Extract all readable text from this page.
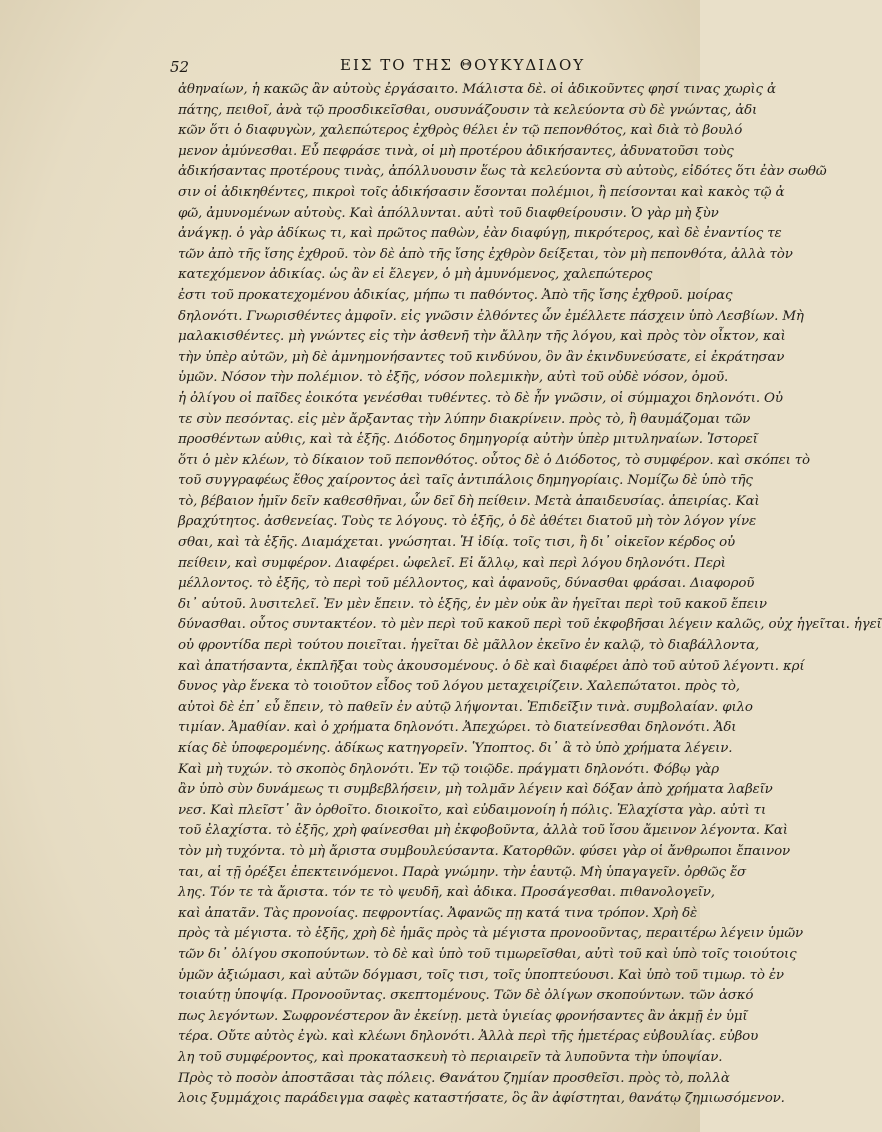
52	ΕΙΣ ΤΟ ΤΗΣ ΘΟΥΚΥΔΙΔΟΥ
ἀθηναίων, ἡ κακῶς ἂν αὐτοὺς ἐργάσαιτο. Μάλιστα δὲ. οἱ ἀδικοῦντες φησί τινας χωρὶς ἀ
πάτης, πειθοῖ, ἀνὰ τῷ προσδικεῖσθαι, ουσυνάζουσιν τὰ κελεύοντα σὺ δὲ γνώντας, ἀδι
κῶν ὅτι ὁ διαφυγὼν, χαλεπώτερος ἐχθρὸς θέλει ἐν τῷ πεπονθότος, καὶ διὰ τὸ βουλό
μενον ἀμύνεσθαι. Εὖ πεφράσε τινὰ, οἱ μὴ προτέρου ἀδικήσαντες, ἀδυνατοῦσι τοὺς
ἀδικήσαντας προτέρους τινὰς, ἀπόλλυουσιν ἕως τὰ κελεύοντα σὺ αὐτοὺς, εἰδότες ὅτι ἐὰν σωθῶ
σιν οἱ ἀδικηθέντες, πικροὶ τοῖς ἀδικήσασιν ἔσονται πολέμιοι, ἢ πείσονται καὶ κακὸς τῷ ἀ
φῶ, ἀμυνομένων αὐτοὺς. Καὶ ἀπόλλυνται. αὐτὶ τοῦ διαφθείρουσιν. Ὁ γὰρ μὴ ξὺν
ἀνάγκῃ. ὁ γὰρ ἀδίκως τι, καὶ πρῶτος παθὼν, ἐὰν διαφύγῃ, πικρότερος, καὶ δὲ ἐναντίος τε
τῶν ἀπὸ τῆς ἴσης ἐχθροῦ. τὸν δὲ ἀπὸ τῆς ἴσης ἐχθρὸν δείξεται, τὸν μὴ πεπονθότα, ἀλλὰ τὸν
κατεχόμενον ἀδικίας. ὡς ἂν εἰ ἔλεγεν, ὁ μὴ ἀμυνόμενος, χαλεπώτερος
ἐστι τοῦ προκατεχομένου ἀδικίας, μήπω τι παθόντος. Ἀπὸ τῆς ἴσης ἐχθροῦ. μοίρας
δηλονότι. Γνωρισθέντες ἀμφοῖν. εἰς γνῶσιν ἐλθόντες ὧν ἐμέλλετε πάσχειν ὑπὸ Λεσβίων. Μὴ
μαλακισθέντες. μὴ γνώντες εἰς τὴν ἀσθενῆ τὴν ἄλλην τῆς λόγου, καὶ πρὸς τὸν οἶκτον, καὶ
τὴν ὑπὲρ αὐτῶν, μὴ δὲ ἀμνημονήσαντες τοῦ κινδύνου, ὃν ἂν ἐκινδυνεύσατε, εἰ ἐκράτησαν
ὑμῶν. Νόσον τὴν πολέμιον. τὸ ἐξῆς, νόσον πολεμικὴν, αὐτὶ τοῦ οὐδὲ νόσον, ὁμοῦ.
ἡ ὀλίγου οἱ παῖδες ἐοικότα γενέσθαι τυθέντες. τὸ δὲ ἦν γνῶσιν, οἱ σύμμαχοι δηλονότι. Οὐ
τε σὺν πεσόντας. εἰς μὲν ἄρξαντας τὴν λύπην διακρίνειν. πρὸς τὸ, ἢ θαυμάζομαι τῶν
προσθέντων αὐθις, καὶ τὰ ἑξῆς. Διόδοτος δημηγορίᾳ αὐτὴν ὑπὲρ μιτυληναίων. Ἰστορεῖ
ὅτι ὁ μὲν κλέων, τὸ δίκαιον τοῦ πεπονθότος. οὗτος δὲ ὁ Διόδοτος, τὸ συμφέρον. καὶ σκόπει τὸ
τοῦ συγγραφέως ἔθος χαίροντος ἀεὶ ταῖς ἀντιπάλοις δημηγορίαις. Νομίζω δὲ ὑπὸ τῆς
τὸ, βέβαιον ἡμῖν δεῖν καθεσθῆναι, ὧν δεῖ δὴ πείθειν. Μετὰ ἀπαιδευσίας. ἀπειρίας. Καὶ
βραχύτητος. ἀσθενείας. Τοὺς τε λόγους. τὸ ἑξῆς, ὁ δὲ ἀθέτει διατοῦ μὴ τὸν λόγον γίνε
σθαι, καὶ τὰ ἑξῆς. Διαμάχεται. γνώσηται. Ἡ ἰδίᾳ. τοῖς τισι, ἢ δι᾽ οἰκεῖον κέρδος οὐ
πείθειν, καὶ συμφέρον. Διαφέρει. ὠφελεῖ. Εἰ ἄλλῳ, καὶ περὶ λόγου δηλονότι. Περὶ
μέλλοντος. τὸ ἑξῆς, τὸ περὶ τοῦ μέλλοντος, καὶ ἀφανοῦς, δύνασθαι φράσαι. Διαφοροῦ
δι᾽ αὑτοῦ. λυσιτελεῖ. Ἐν μὲν ἔπειν. τὸ ἑξῆς, ἐν μὲν οὐκ ἂν ἡγεῖται περὶ τοῦ κακοῦ ἔπειν
δύνασθαι. οὗτος συντακτέον. τὸ μὲν περὶ τοῦ κακοῦ περὶ τοῦ ἐκφοβῆσαι λέγειν καλῶς, οὐχ ἡγεῖται. ἡγεῖ
οὐ φροντίδα περὶ τούτου ποιεῖται. ἡγεῖται δὲ μᾶλλον ἐκεῖνο ἐν καλῷ, τὸ διαβάλλοντα,
καὶ ἀπατήσαντα, ἐκπλῆξαι τοὺς ἀκουσομένους. ὁ δὲ καὶ διαφέρει ἀπὸ τοῦ αὐτοῦ λέγοντι. κρί
δυνος γὰρ ἕνεκα τὸ τοιοῦτον εἶδος τοῦ λόγου μεταχειρίζειν. Χαλεπώτατοι. πρὸς τὸ,
αὐτοὶ δὲ ἐπ᾽ εὖ ἔπειν, τὸ παθεῖν ἐν αὐτῷ λήψονται. Ἐπιδεῖξιν τινὰ. συμβολαίαν. φιλο
τιμίαν. Ἀμαθίαν. καὶ ὁ χρήματα δηλονότι. Ἀπεχώρει. τὸ διατείνεσθαι δηλονότι. Ἀδι
κίας δὲ ὑποφερομένης. ἀδίκως κατηγορεῖν. Ὑποπτος. δι᾽ ἃ τὸ ὑπὸ χρήματα λέγειν.
Καὶ μὴ τυχών. τὸ σκοπὸς δηλονότι. Ἐν τῷ τοιῷδε. πράγματι δηλονότι. Φόβῳ γὰρ
ἂν ὑπὸ σὺν δυνάμεως τι συμβεβλήσειν, μὴ τολμᾶν λέγειν καὶ δόξαν ἀπὸ χρήματα λαβεῖν
νεσ. Καὶ πλεῖστ᾽ ἂν ὀρθοῖτο. διοικοῖτο, καὶ εὐδαιμονοίη ἡ πόλις. Ἐλαχίστα γὰρ. αὐτὶ τι
τοῦ ἐλαχίστα. τὸ ἑξῆς, χρὴ φαίνεσθαι μὴ ἐκφοβοῦντα, ἀλλὰ τοῦ ἴσου ἄμεινον λέγοντα. Καὶ
τὸν μὴ τυχόντα. τὸ μὴ ἄριστα συμβουλεύσαντα. Κατορθῶν. φύσει γὰρ οἱ ἄνθρωποι ἔπαινον
ται, αἱ τῇ ὀρέξει ἐπεκτεινόμενοι. Παρὰ γνώμην. τὴν ἑαυτῷ. Μὴ ὑπαγαγεῖν. ὀρθῶς ἔσ
λης. Τόν τε τὰ ἄριστα. τόν τε τὸ ψευδῆ, καὶ ἀδικα. Προσάγεσθαι. πιθανολογεῖν,
καὶ ἀπατᾶν. Τὰς προνοίας. πεφροντίας. Ἀφανῶς πῃ κατά τινα τρόπον. Χρὴ δὲ
πρὸς τὰ μέγιστα. τὸ ἑξῆς, χρὴ δὲ ἡμᾶς πρὸς τὰ μέγιστα προνοοῦντας, περαιτέρω λέγειν ὑμῶν
τῶν δι᾽ ὀλίγου σκοπούντων. τὸ δὲ καὶ ὑπὸ τοῦ τιμωρεῖσθαι, αὐτὶ τοῦ καὶ ὑπὸ τοῖς τοιούτοις
ὑμῶν ἀξιώμασι, καὶ αὐτῶν δόγμασι, τοῖς τισι, τοῖς ὑποπτεύουσι. Καὶ ὑπὸ τοῦ τιμωρ. τὸ ἐν
τοιαύτῃ ὑποψίᾳ. Προνοοῦντας. σκεπτομένους. Τῶν δὲ ὀλίγων σκοπούντων. τῶν ἀσκό
πως λεγόντων. Σωφρονέστερον ἂν ἐκείνῃ. μετὰ ὑγιείας φρονήσαντες ἂν ἀκμῇ ἐν ὑμῖ
τέρα. Οὔτε αὐτὸς ἐγὼ. καὶ κλέωνι δηλονότι. Ἀλλὰ περὶ τῆς ἡμετέρας εὐβουλίας. εὐβου
λη τοῦ συμφέροντος, καὶ προκατασκευὴ τὸ περιαιρεῖν τὰ λυποῦντα τὴν ὑποψίαν.
Πρὸς τὸ ποσὸν ἀποστᾶσαι τὰς πόλεις. Θανάτου ζημίαν προσθεῖσι. πρὸς τὸ, πολλὰ
λοις ξυμμάχοις παράδειγμα σαφὲς καταστήσατε, ὃς ἂν ἀφίστηται, θανάτῳ ζημιωσόμενον.
